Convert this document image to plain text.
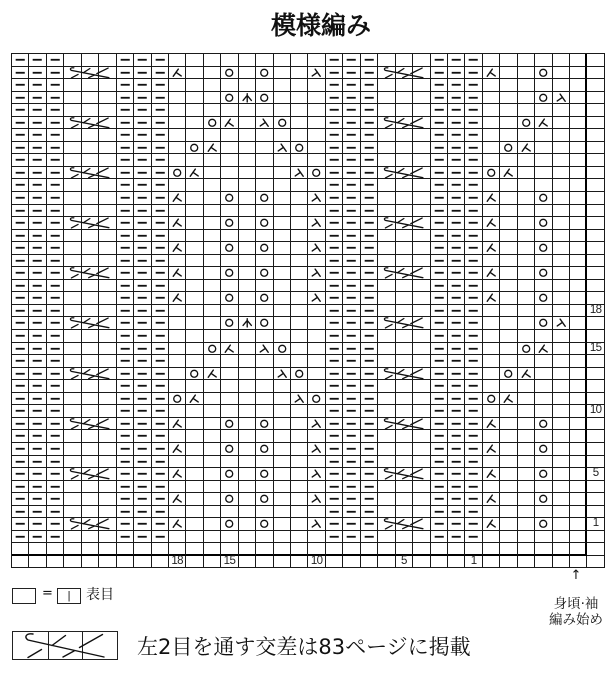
模様編み
18
15
10
5
1
18	15	10	5	1
↑
身頃·袖
編み始め
=	|	表目
左2目を通す交差は83ページに掲載
